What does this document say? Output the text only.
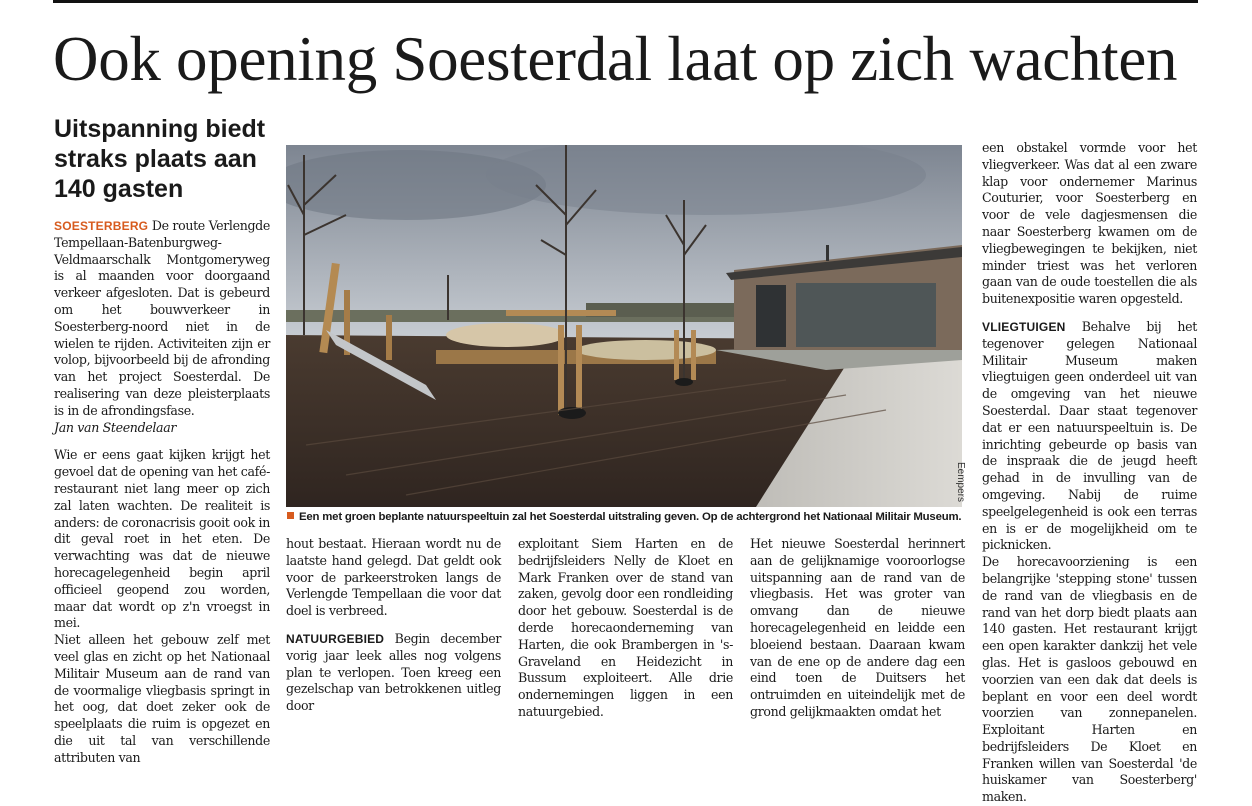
Ook opening Soesterdal laat op zich wachten
Uitspanning biedt straks plaats aan 140 gasten

SOESTERBERG De route Verlengde Tempellaan-Batenburgweg-Veldmaarschalk Montgomeryweg is al maanden voor doorgaand verkeer afgesloten. Dat is gebeurd om het bouwverkeer in Soesterberg-noord niet in de wielen te rijden. Activiteiten zijn er volop, bijvoorbeeld bij de afronding van het project Soesterdal. De realisering van deze pleisterplaats is in de afrondingsfase.

Jan van Steendelaar

Wie er eens gaat kijken krijgt het gevoel dat de opening van het café-restaurant niet lang meer op zich zal laten wachten. De realiteit is anders: de coronacrisis gooit ook in dit geval roet in het eten. De verwachting was dat de nieuwe horecagelegenheid begin april officieel geopend zou worden, maar dat wordt op z'n vroegst in mei.

Niet alleen het gebouw zelf met veel glas en zicht op het Nationaal Militair Museum aan de rand van de voormalige vliegbasis springt in het oog, dat doet zeker ook de speelplaats die ruim is opgezet en die uit tal van verschillende attributen van

Eempers
Een met groen beplante natuurspeeltuin zal het Soesterdal uitstraling geven. Op de achtergrond het Nationaal Militair Museum.

hout bestaat. Hieraan wordt nu de laatste hand gelegd. Dat geldt ook voor de parkeerstroken langs de Verlengde Tempellaan die voor dat doel is verbreed.

NATUURGEBIED Begin december vorig jaar leek alles nog volgens plan te verlopen. Toen kreeg een gezelschap van betrokkenen uitleg door

exploitant Siem Harten en de bedrijfsleiders Nelly de Kloet en Mark Franken over de stand van zaken, gevolg door een rondleiding door het gebouw. Soesterdal is de derde horecaonderneming van Harten, die ook Brambergen in 's-Graveland en Heidezicht in Bussum exploiteert. Alle drie ondernemingen liggen in een natuurgebied.

Het nieuwe Soesterdal herinnert aan de gelijknamige vooroorlogse uitspanning aan de rand van de vliegbasis. Het was groter van omvang dan de nieuwe horecagelegenheid en leidde een bloeiend bestaan. Daaraan kwam van de ene op de andere dag een eind toen de Duitsers het ontruimden en uiteindelijk met de grond gelijkmaakten omdat het

een obstakel vormde voor het vliegverkeer. Was dat al een zware klap voor ondernemer Marinus Couturier, voor Soesterberg en voor de vele dagjesmensen die naar Soesterberg kwamen om de vliegbewegingen te bekijken, niet minder triest was het verloren gaan van de oude toestellen die als buitenexpositie waren opgesteld.

VLIEGTUIGEN Behalve bij het tegenover gelegen Nationaal Militair Museum maken vliegtuigen geen onderdeel uit van de omgeving van het nieuwe Soesterdal. Daar staat tegenover dat er een natuurspeeltuin is. De inrichting gebeurde op basis van de inspraak die de jeugd heeft gehad in de invulling van de omgeving. Nabij de ruime speelgelegenheid is ook een terras en is er de mogelijkheid om te picknicken.

De horecavoorziening is een belangrijke 'stepping stone' tussen de rand van de vliegbasis en de rand van het dorp biedt plaats aan 140 gasten. Het restaurant krijgt een open karakter dankzij het vele glas. Het is gasloos gebouwd en voorzien van een dak dat deels is beplant en voor een deel wordt voorzien van zonnepanelen. Exploitant Harten en bedrijfsleiders De Kloet en Franken willen van Soesterdal 'de huiskamer van Soesterberg' maken.
